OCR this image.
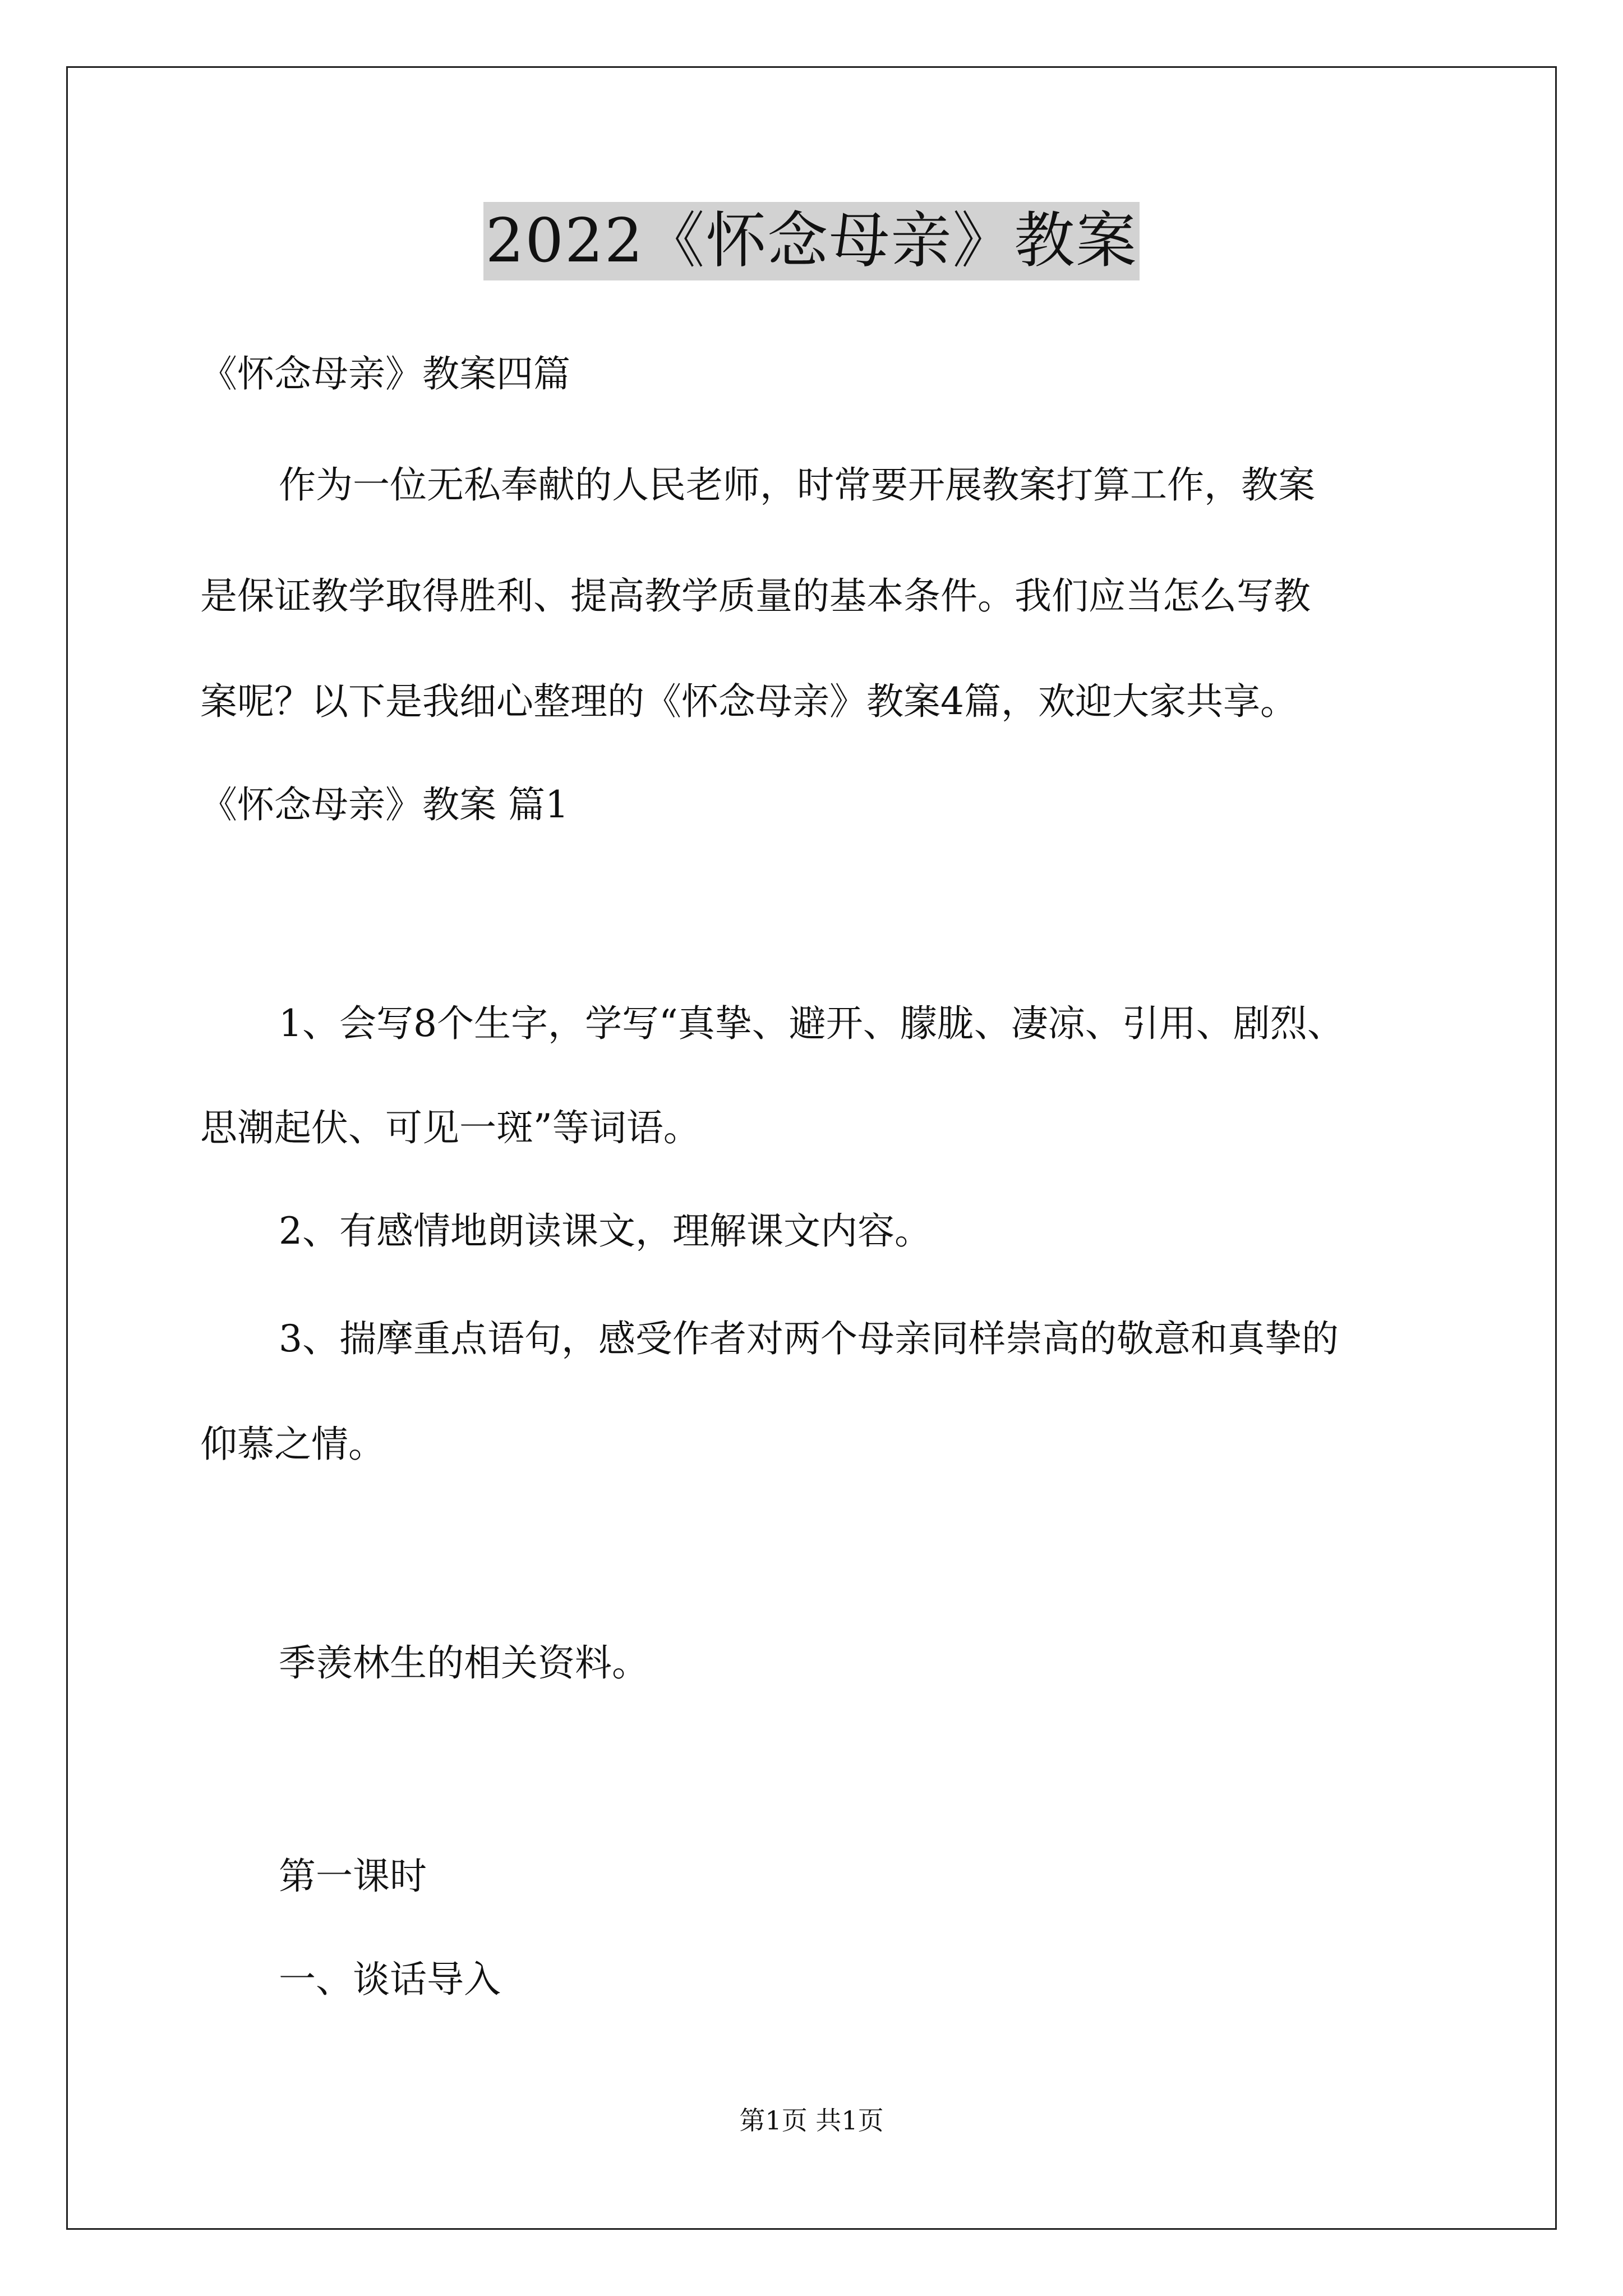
2022《怀念母亲》教案
《怀念母亲》教案四篇
作为一位无私奉献的人民老师，时常要开展教案打算工作，教案
是保证教学取得胜利、提高教学质量的基本条件。我们应当怎么写教
案呢？以下是我细心整理的《怀念母亲》教案4篇，欢迎大家共享。
《怀念母亲》教案 篇1
1、会写8个生字，学写“真挚、避开、朦胧、凄凉、引用、剧烈、
思潮起伏、可见一斑”等词语。
2、有感情地朗读课文，理解课文内容。
3、揣摩重点语句，感受作者对两个母亲同样崇高的敬意和真挚的
仰慕之情。
季羡林生的相关资料。
第一课时
一、谈话导入
第1页 共1页
